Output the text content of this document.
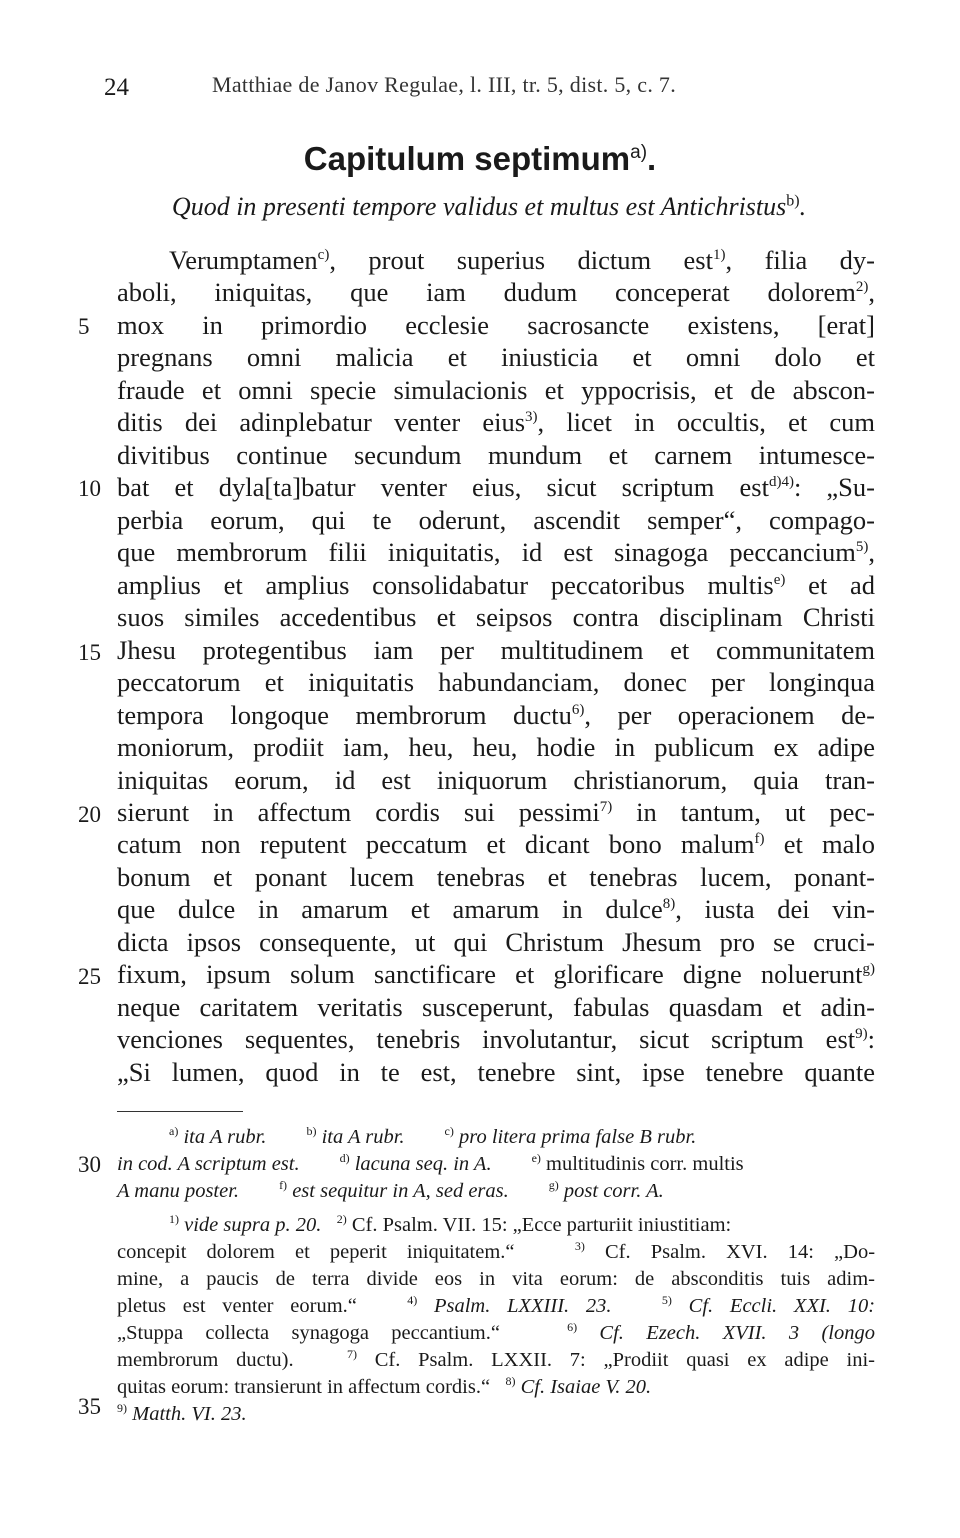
24	Matthiae de Janov Regulae, l. III, tr. 5, dist. 5, c. 7.
Capitulum septimum$^{a)}$.
Quod in presenti tempore validus et multus est Antichristus$^{b)}$.
5
10
15
20
25
30
35
Verumptamen$^{c)}$, prout superius dictum est$^{1)}$, filia dy-
aboli, iniquitas, que iam dudum conceperat dolorem$^{2)}$,
mox in primordio ecclesie sacrosancte existens, [erat]
pregnans omni malicia et iniusticia et omni dolo et
fraude et omni specie simulacionis et yppocrisis, et de abscon-
ditis dei adinplebatur venter eius$^{3)}$, licet in occultis, et cum
divitibus continue secundum mundum et carnem intumesce-
bat et dyla[ta]batur venter eius, sicut scriptum est$^{d)4)}$: „Su-
perbia eorum, qui te oderunt, ascendit semper“, compago-
que membrorum filii iniquitatis, id est sinagoga peccancium$^{5)}$,
amplius et amplius consolidabatur peccatoribus multis$^{e)}$ et ad
suos similes accedentibus et seipsos contra disciplinam Christi
Jhesu protegentibus iam per multitudinem et communitatem
peccatorum et iniquitatis habundanciam, donec per longinqua
tempora longoque membrorum ductu$^{6)}$, per operacionem de-
moniorum, prodiit iam, heu, heu, hodie in publicum ex adipe
iniquitas eorum, id est iniquorum christianorum, quia tran-
sierunt in affectum cordis sui pessimi$^{7)}$ in tantum, ut pec-
catum non reputent peccatum et dicant bono malum$^{f)}$ et malo
bonum et ponant lucem tenebras et tenebras lucem, ponant-
que dulce in amarum et amarum in dulce$^{8)}$, iusta dei vin-
dicta ipsos consequente, ut qui Christum Jhesum pro se cruci-
fixum, ipsum solum sanctificare et glorificare digne noluerunt$^{g)}$
neque caritatem veritatis susceperunt, fabulas quasdam et adin-
venciones sequentes, tenebris involutantur, sicut scriptum est$^{9)}$:
„Si lumen, quod in te est, tenebre sint, ipse tenebre quante
$^{a)}$ ita A rubr.	$^{b)}$ ita A rubr.	$^{c)}$ pro litera prima false B rubr.
in cod. A scriptum est.	$^{d)}$ lacuna seq. in A.	$^{e)}$ multitudinis corr. multis
A manu poster.	$^{f)}$ est sequitur in A, sed eras.	$^{g)}$ post corr. A.
$^{1)}$ vide supra p. 20. $^{2)}$ Cf. Psalm. VII. 15: „Ecce parturiit iniustitiam:
concepit dolorem et peperit iniquitatem.“	$^{3)}$ Cf. Psalm. XVI. 14: „Do-
mine, a paucis de terra divide eos in vita eorum: de absconditis tuis adim-
pletus est venter eorum.“	$^{4)}$ Psalm. LXXIII. 23.	$^{5)}$ Cf. Eccli. XXI. 10:
„Stuppa collecta synagoga peccantium.“	$^{6)}$ Cf. Ezech. XVII. 3 (longo
membrorum ductu).	$^{7)}$ Cf. Psalm. LXXII. 7: „Prodiit quasi ex adipe ini-
quitas eorum: transierunt in affectum cordis.“ $^{8)}$ Cf. Isaiae V. 20.
$^{9)}$ Matth. VI. 23.
